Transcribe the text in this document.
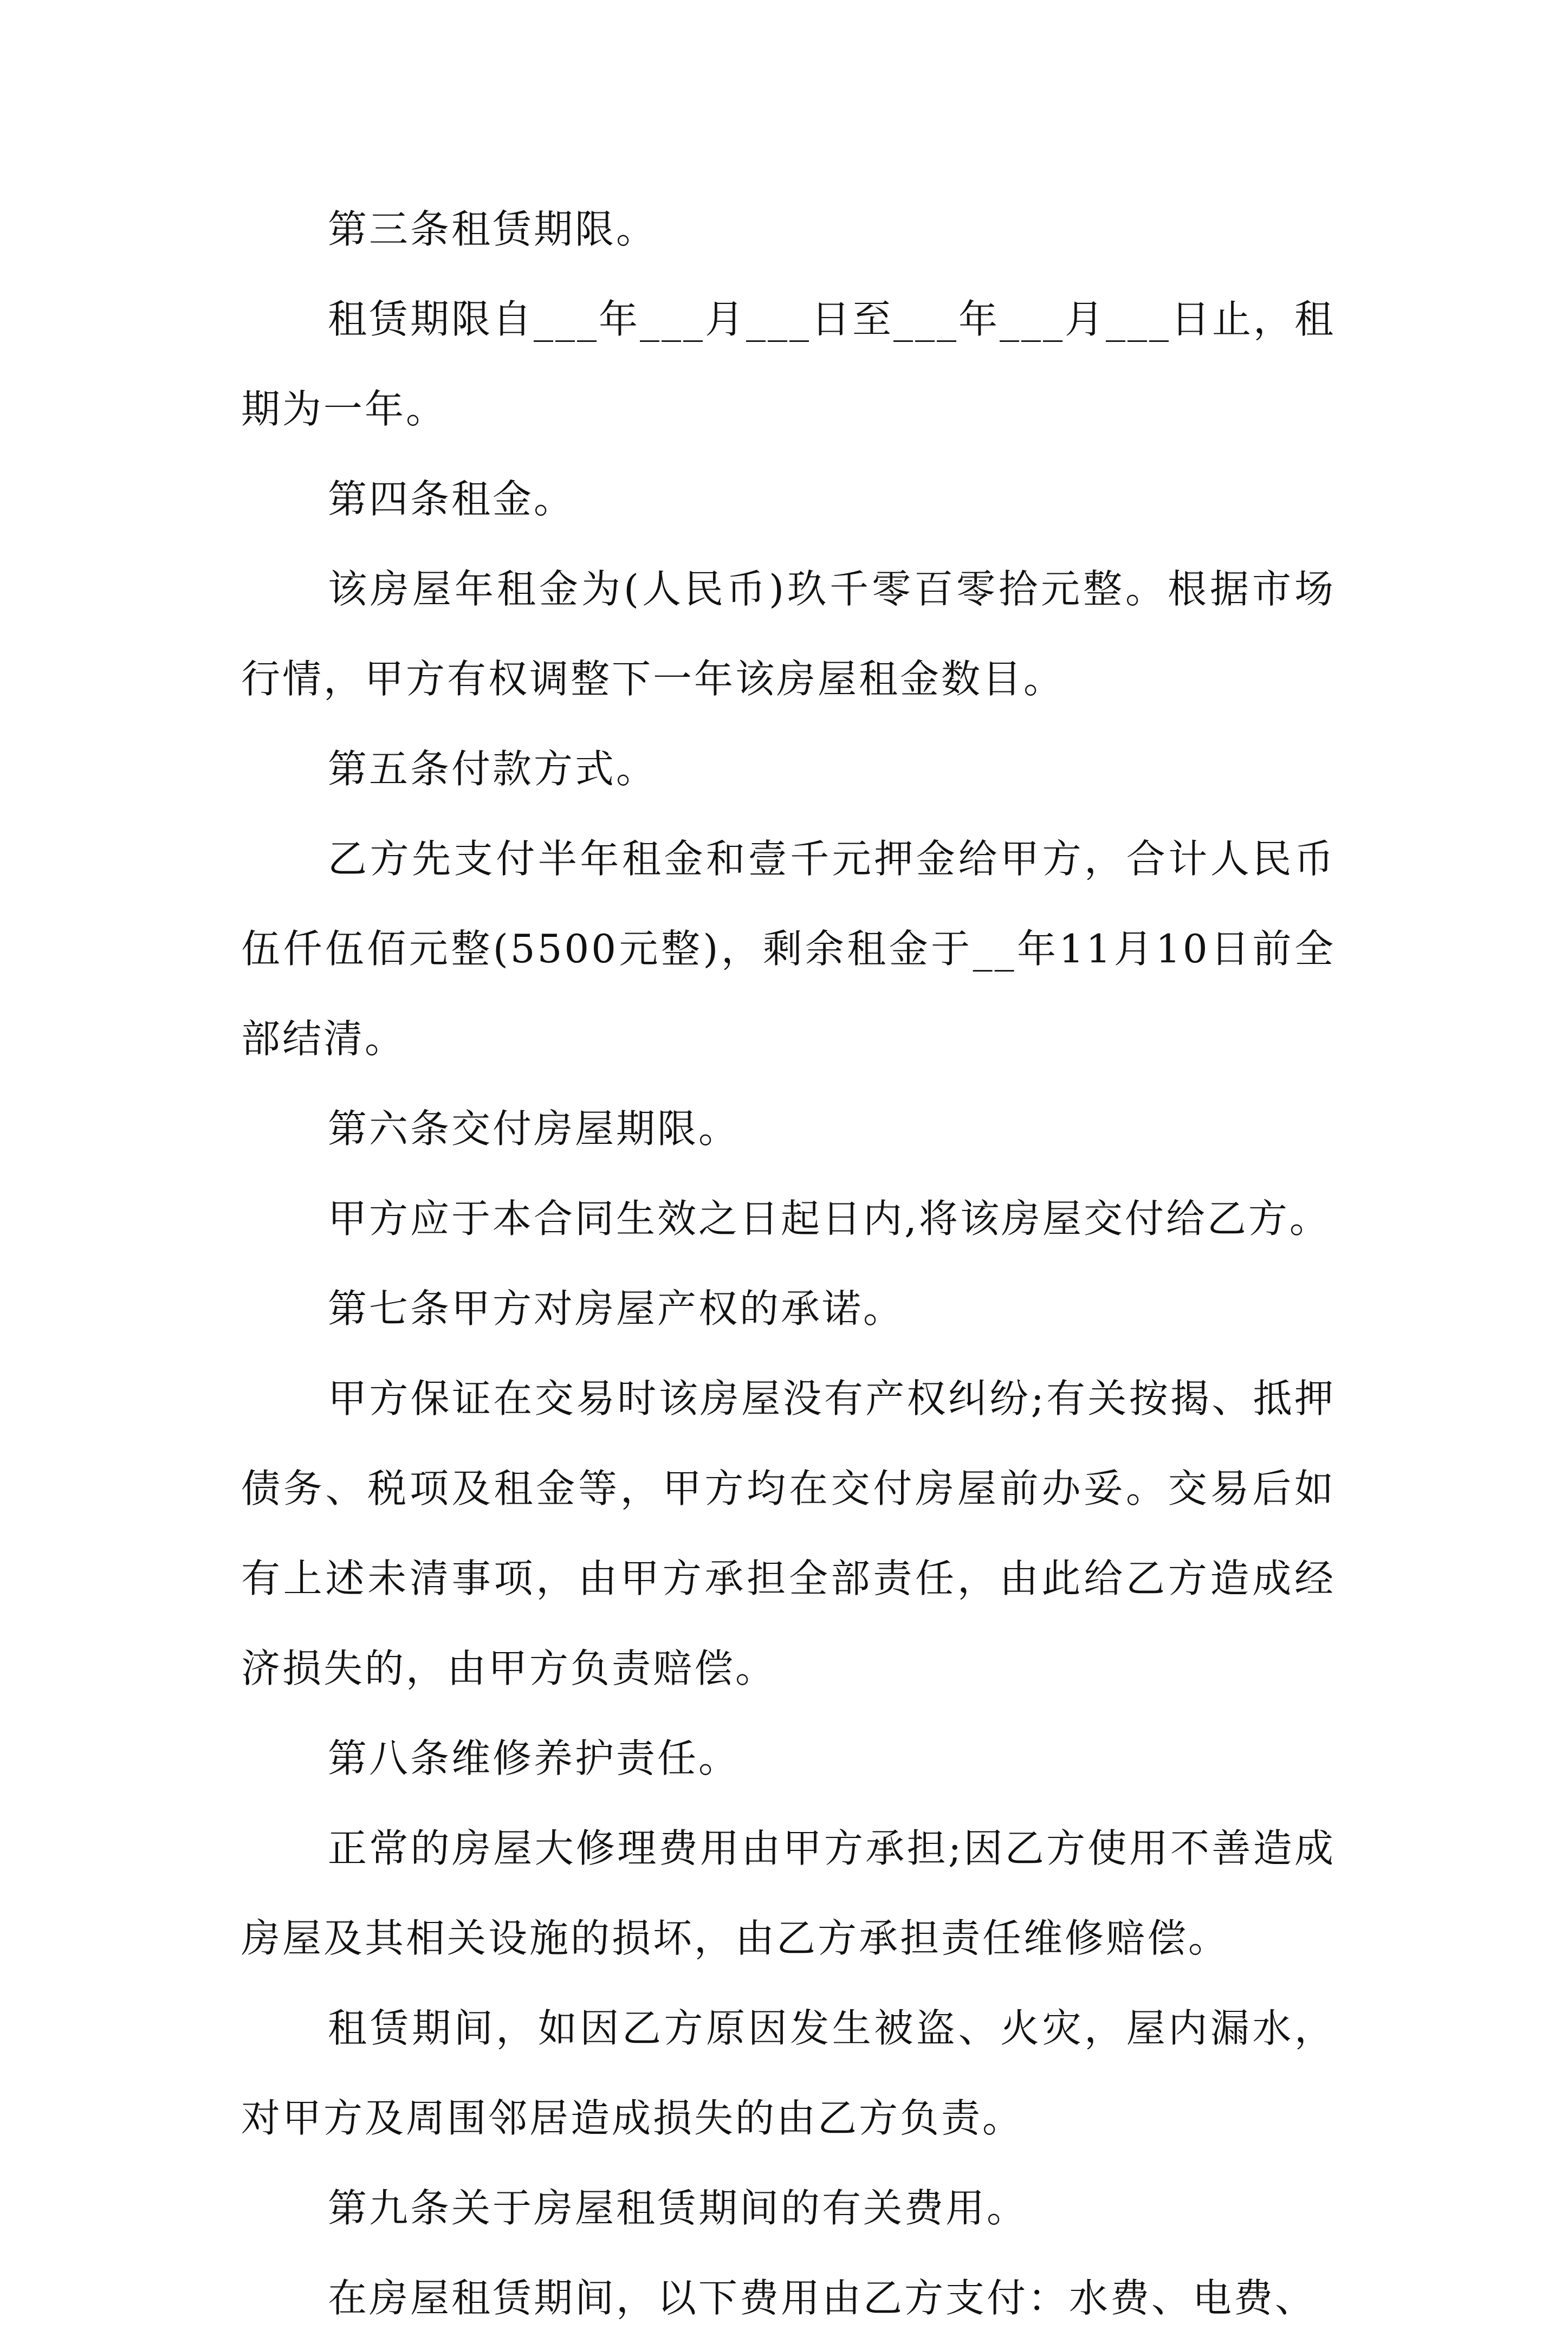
第三条租赁期限。

租赁期限自___年___月___日至___年___月___日止，租期为一年。

第四条租金。

该房屋年租金为(人民币)玖千零百零拾元整。根据市场行情，甲方有权调整下一年该房屋租金数目。

第五条付款方式。

乙方先支付半年租金和壹千元押金给甲方，合计人民币伍仟伍佰元整(5500元整)，剩余租金于__年11月10日前全部结清。

第六条交付房屋期限。

甲方应于本合同生效之日起日内,将该房屋交付给乙方。

第七条甲方对房屋产权的承诺。

甲方保证在交易时该房屋没有产权纠纷;有关按揭、抵押债务、税项及租金等，甲方均在交付房屋前办妥。交易后如有上述未清事项，由甲方承担全部责任，由此给乙方造成经济损失的，由甲方负责赔偿。

第八条维修养护责任。

正常的房屋大修理费用由甲方承担;因乙方使用不善造成房屋及其相关设施的损坏，由乙方承担责任维修赔偿。

租赁期间，如因乙方原因发生被盗、火灾，屋内漏水，对甲方及周围邻居造成损失的由乙方负责。

第九条关于房屋租赁期间的有关费用。

在房屋租赁期间，以下费用由乙方支付：水费、电费、
